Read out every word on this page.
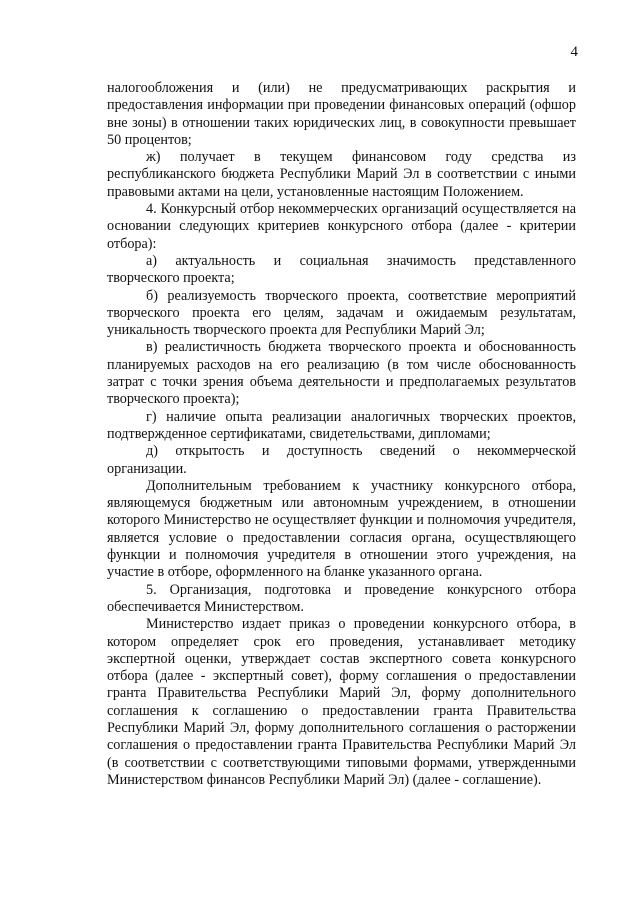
4

налогообложения и (или) не предусматривающих раскрытия и предоставления информации при проведении финансовых операций (офшор вне зоны) в отношении таких юридических лиц, в совокупности превышает 50 процентов;

ж) получает в текущем финансовом году средства из республиканского бюджета Республики Марий Эл в соответствии с иными правовыми актами на цели, установленные настоящим Положением.

4. Конкурсный отбор некоммерческих организаций осуществляется на основании следующих критериев конкурсного отбора (далее - критерии отбора):

а) актуальность и социальная значимость представленного творческого проекта;

б) реализуемость творческого проекта, соответствие мероприятий творческого проекта его целям, задачам и ожидаемым результатам, уникальность творческого проекта для Республики Марий Эл;

в) реалистичность бюджета творческого проекта и обоснованность планируемых расходов на его реализацию (в том числе обоснованность затрат с точки зрения объема деятельности и предполагаемых результатов творческого проекта);

г) наличие опыта реализации аналогичных творческих проектов, подтвержденное сертификатами, свидетельствами, дипломами;

д) открытость и доступность сведений о некоммерческой организации.

Дополнительным требованием к участнику конкурсного отбора, являющемуся бюджетным или автономным учреждением, в отношении которого Министерство не осуществляет функции и полномочия учредителя, является условие о предоставлении согласия органа, осуществляющего функции и полномочия учредителя в отношении этого учреждения, на участие в отборе, оформленного на бланке указанного органа.

5. Организация, подготовка и проведение конкурсного отбора обеспечивается Министерством.

Министерство издает приказ о проведении конкурсного отбора, в котором определяет срок его проведения, устанавливает методику экспертной оценки, утверждает состав экспертного совета конкурсного отбора (далее - экспертный совет), форму соглашения о предоставлении гранта Правительства Республики Марий Эл, форму дополнительного соглашения к соглашению о предоставлении гранта Правительства Республики Марий Эл, форму дополнительного соглашения о расторжении соглашения о предоставлении гранта Правительства Республики Марий Эл (в соответствии с соответствующими типовыми формами, утвержденными Министерством финансов Республики Марий Эл) (далее - соглашение).
